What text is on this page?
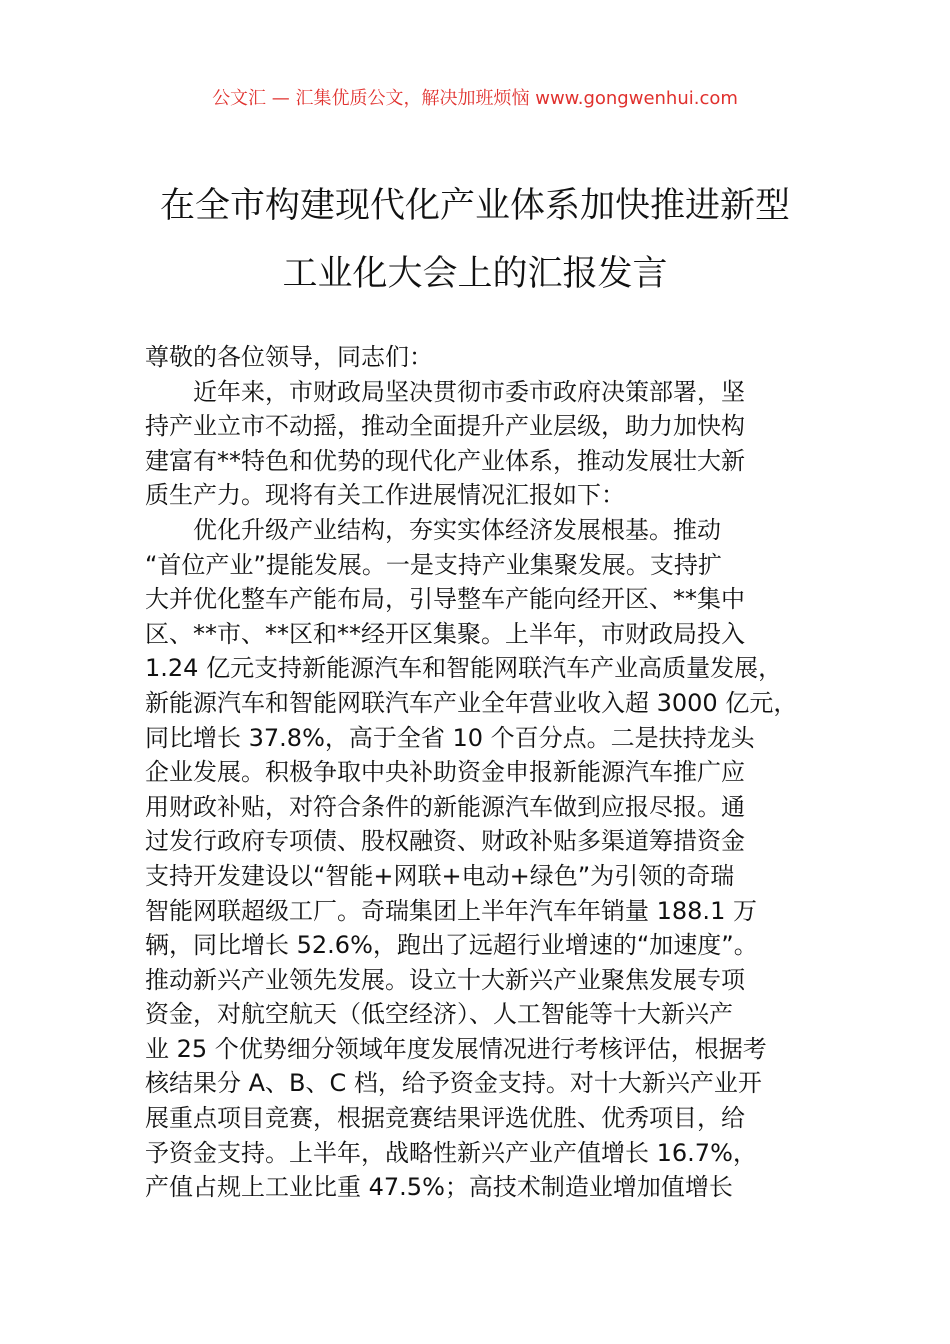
公文汇 — 汇集优质公文，解决加班烦恼 www.gongwenhui.com
在全市构建现代化产业体系加快推进新型
工业化大会上的汇报发言
尊敬的各位领导，同志们：
　　近年来，市财政局坚决贯彻市委市政府决策部署，坚
持产业立市不动摇，推动全面提升产业层级，助力加快构
建富有**特色和优势的现代化产业体系，推动发展壮大新
质生产力。现将有关工作进展情况汇报如下：
　　优化升级产业结构，夯实实体经济发展根基。推动
“首位产业”提能发展。一是支持产业集聚发展。支持扩
大并优化整车产能布局，引导整车产能向经开区、**集中
区、**市、**区和**经开区集聚。上半年，市财政局投入
1.24 亿元支持新能源汽车和智能网联汽车产业高质量发展，
新能源汽车和智能网联汽车产业全年营业收入超 3000 亿元，
同比增长 37.8%，高于全省 10 个百分点。二是扶持龙头
企业发展。积极争取中央补助资金申报新能源汽车推广应
用财政补贴，对符合条件的新能源汽车做到应报尽报。通
过发行政府专项债、股权融资、财政补贴多渠道筹措资金
支持开发建设以“智能+网联+电动+绿色”为引领的奇瑞
智能网联超级工厂。奇瑞集团上半年汽车年销量 188.1 万
辆，同比增长 52.6%，跑出了远超行业增速的“加速度”。
推动新兴产业领先发展。设立十大新兴产业聚焦发展专项
资金，对航空航天（低空经济）、人工智能等十大新兴产
业 25 个优势细分领域年度发展情况进行考核评估，根据考
核结果分 A、B、C 档，给予资金支持。对十大新兴产业开
展重点项目竞赛，根据竞赛结果评选优胜、优秀项目，给
予资金支持。上半年，战略性新兴产业产值增长 16.7%，
产值占规上工业比重 47.5%；高技术制造业增加值增长
